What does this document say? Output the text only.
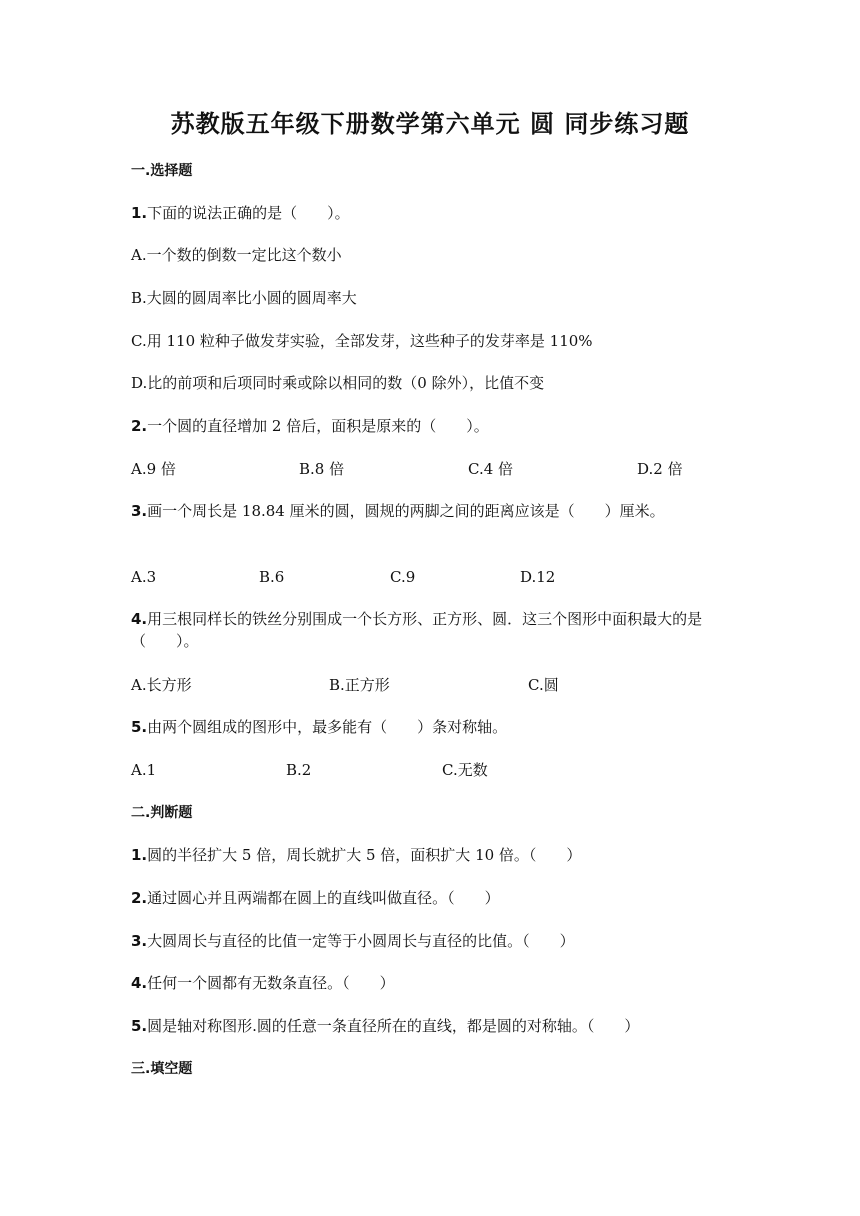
苏教版五年级下册数学第六单元 圆 同步练习题
一.选择题
1.下面的说法正确的是（　　）。
A.一个数的倒数一定比这个数小
B.大圆的圆周率比小圆的圆周率大
C.用 110 粒种子做发芽实验，全部发芽，这些种子的发芽率是 110%
D.比的前项和后项同时乘或除以相同的数（0 除外），比值不变
2.一个圆的直径增加 2 倍后，面积是原来的（　　）。
A.9 倍	B.8 倍	C.4 倍	D.2 倍
3.画一个周长是 18.84 厘米的圆，圆规的两脚之间的距离应该是（　　）厘米。
A.3	B.6	C.9	D.12
4.用三根同样长的铁丝分别围成一个长方形、正方形、圆．这三个图形中面积最大的是（　　）。
A.长方形	B.正方形	C.圆
5.由两个圆组成的图形中，最多能有（　　）条对称轴。
A.1	B.2	C.无数
二.判断题
1.圆的半径扩大 5 倍，周长就扩大 5 倍，面积扩大 10 倍。（　　）
2.通过圆心并且两端都在圆上的直线叫做直径。（　　）
3.大圆周长与直径的比值一定等于小圆周长与直径的比值。（　　）
4.任何一个圆都有无数条直径。（　　）
5.圆是轴对称图形.圆的任意一条直径所在的直线，都是圆的对称轴。（　　）
三.填空题
